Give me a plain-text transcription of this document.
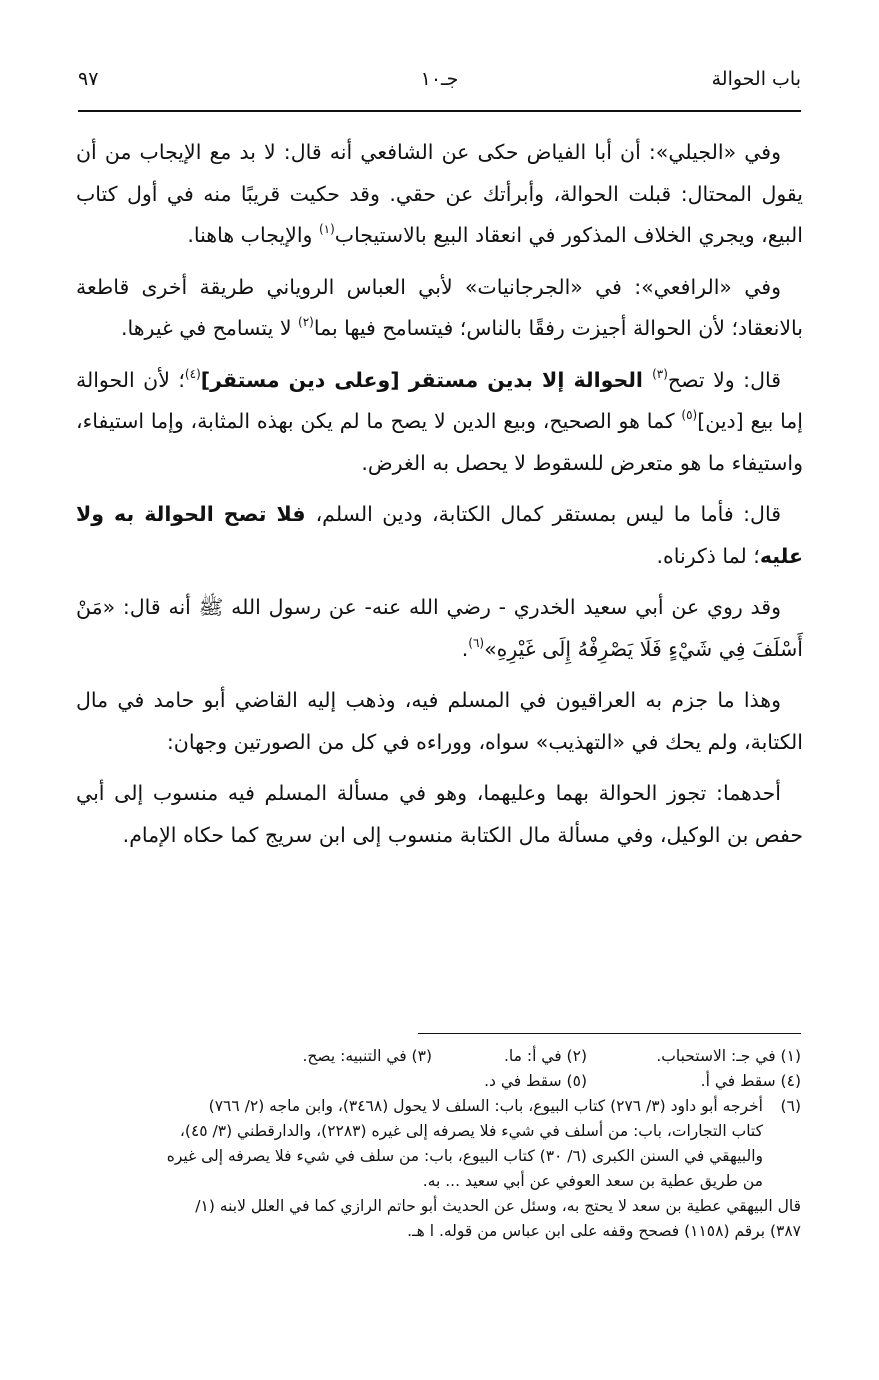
باب الحوالة
جـ١٠
٩٧

وفي «الجيلي»: أن أبا الفياض حكى عن الشافعي أنه قال: لا بد مع الإيجاب من أن يقول المحتال: قبلت الحوالة، وأبرأتك عن حقي. وقد حكيت قريبًا منه في أول كتاب البيع، ويجري الخلاف المذكور في انعقاد البيع بالاستيجاب$^{(١)}$ والإيجاب هاهنا.

وفي «الرافعي»: في «الجرجانيات» لأبي العباس الروياني طريقة أخرى قاطعة بالانعقاد؛ لأن الحوالة أجيزت رفقًا بالناس؛ فيتسامح فيها بما$^{(٢)}$ لا يتسامح في غيرها.

قال: ولا تصح$^{(٣)}$ الحوالة إلا بدين مستقر [وعلى دين مستقر]$^{(٤)}$؛ لأن الحوالة إما بيع [دين]$^{(٥)}$ كما هو الصحيح، وبيع الدين لا يصح ما لم يكن بهذه المثابة، وإما استيفاء، واستيفاء ما هو متعرض للسقوط لا يحصل به الغرض.

قال: فأما ما ليس بمستقر كمال الكتابة، ودين السلم، فلا تصح الحوالة به ولا عليه؛ لما ذكرناه.

وقد روي عن أبي سعيد الخدري - رضي الله عنه- عن رسول الله ﷺ أنه قال: «مَنْ أَسْلَفَ فِي شَيْءٍ فَلَا يَصْرِفْهُ إِلَى غَيْرِهِ»$^{(٦)}$.

وهذا ما جزم به العراقيون في المسلم فيه، وذهب إليه القاضي أبو حامد في مال الكتابة، ولم يحك في «التهذيب» سواه، ووراءه في كل من الصورتين وجهان:

أحدهما: تجوز الحوالة بهما وعليهما، وهو في مسألة المسلم فيه منسوب إلى أبي حفص بن الوكيل، وفي مسألة مال الكتابة منسوب إلى ابن سريج كما حكاه الإمام.

(١) في جـ: الاستحباب.
(٢) في أ: ما.
(٣) في التنبيه: يصح.
(٤) سقط في أ.
(٥) سقط في د.
(٦)أخرجه أبو داود (٣/ ٢٧٦) كتاب البيوع، باب: السلف لا يحول (٣٤٦٨)، وابن ماجه (٢/ ٧٦٦)
كتاب التجارات، باب: من أسلف في شيء فلا يصرفه إلى غيره (٢٢٨٣)، والدارقطني (٣/ ٤٥)،
والبيهقي في السنن الكبرى (٦/ ٣٠) كتاب البيوع، باب: من سلف في شيء فلا يصرفه إلى غيره
من طريق عطية بن سعد العوفي عن أبي سعيد ... به.
قال البيهقي عطية بن سعد لا يحتج به، وسئل عن الحديث أبو حاتم الرازي كما في العلل لابنه (١/
٣٨٧) برقم (١١٥٨) فصحح وقفه على ابن عباس من قوله. ا هـ.
